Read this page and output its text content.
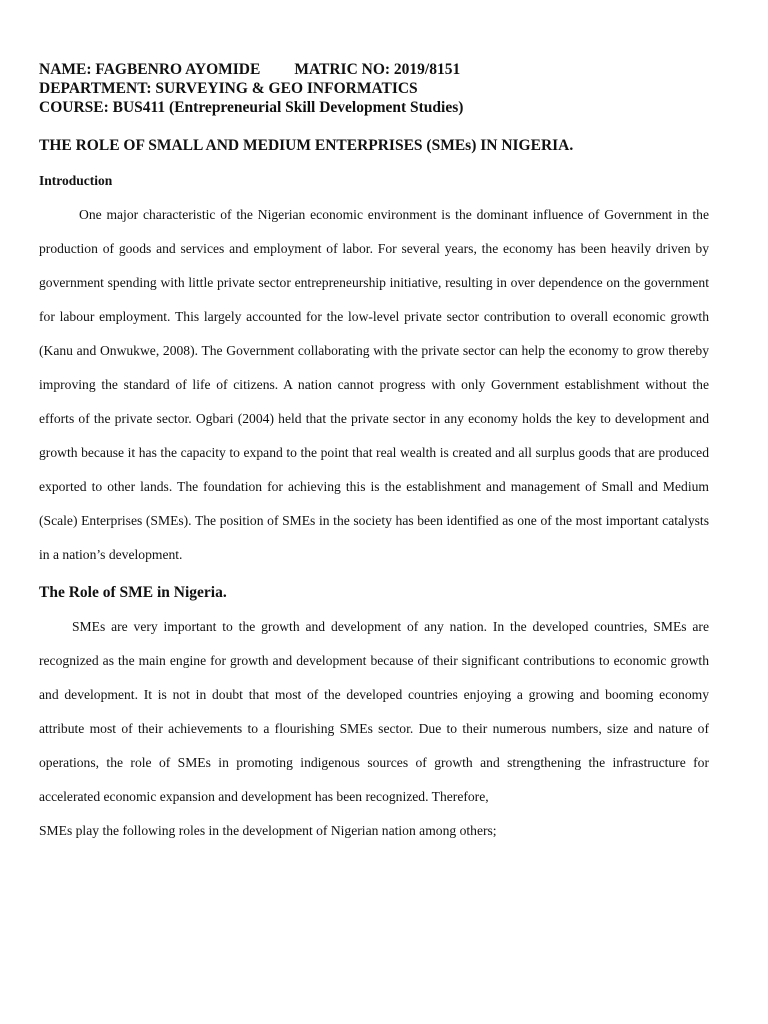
NAME: FAGBENRO AYOMIDE MATRIC NO: 2019/8151
DEPARTMENT: SURVEYING & GEO INFORMATICS
COURSE: BUS411 (Entrepreneurial Skill Development Studies)
THE ROLE OF SMALL AND MEDIUM ENTERPRISES (SMEs) IN NIGERIA.
Introduction

One major characteristic of the Nigerian economic environment is the dominant influence of Government in the production of goods and services and employment of labor. For several years, the economy has been heavily driven by government spending with little private sector entrepreneurship initiative, resulting in over dependence on the government for labour employment. This largely accounted for the low-level private sector contribution to overall economic growth (Kanu and Onwukwe, 2008). The Government collaborating with the private sector can help the economy to grow thereby improving the standard of life of citizens. A nation cannot progress with only Government establishment without the efforts of the private sector. Ogbari (2004) held that the private sector in any economy holds the key to development and growth because it has the capacity to expand to the point that real wealth is created and all surplus goods that are produced exported to other lands. The foundation for achieving this is the establishment and management of Small and Medium (Scale) Enterprises (SMEs). The position of SMEs in the society has been identified as one of the most important catalysts in a nation’s development.

The Role of SME in Nigeria.

SMEs are very important to the growth and development of any nation. In the developed countries, SMEs are recognized as the main engine for growth and development because of their significant contributions to economic growth and development. It is not in doubt that most of the developed countries enjoying a growing and booming economy attribute most of their achievements to a flourishing SMEs sector. Due to their numerous numbers, size and nature of operations, the role of SMEs in promoting indigenous sources of growth and strengthening the infrastructure for accelerated economic expansion and development has been recognized. Therefore,

SMEs play the following roles in the development of Nigerian nation among others;
